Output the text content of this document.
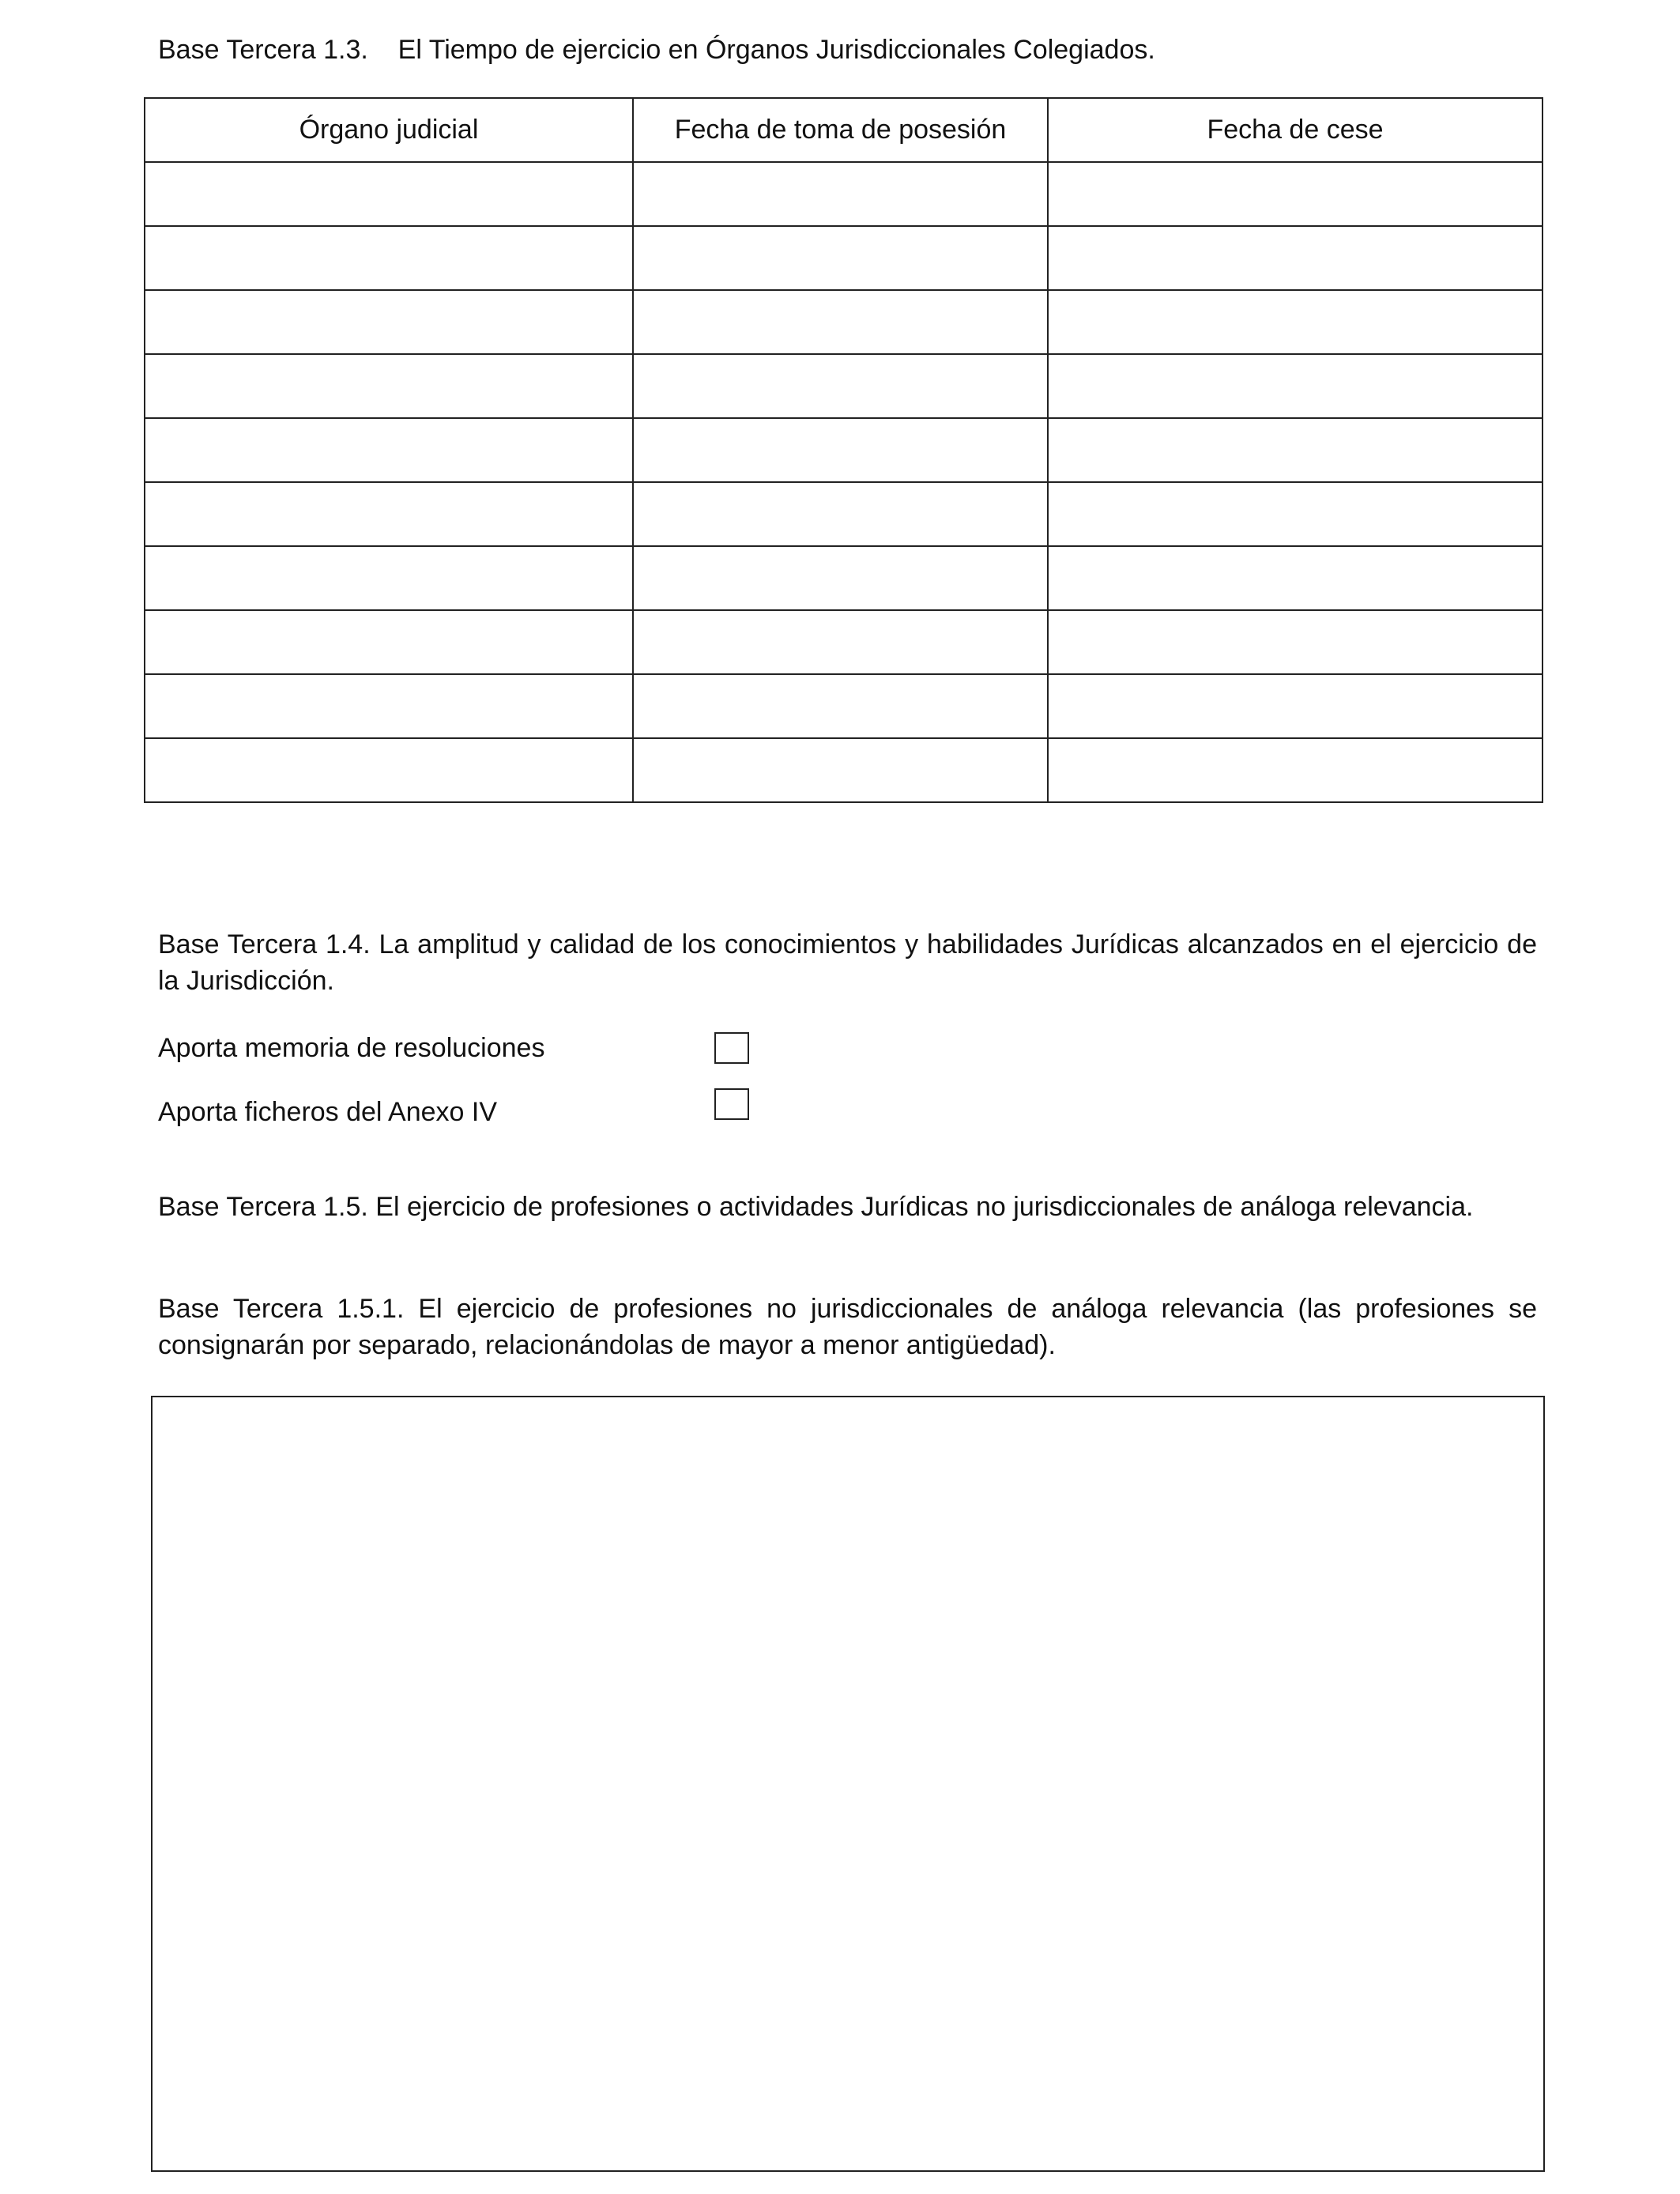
Base Tercera 1.3.    El Tiempo de ejercicio en Órganos Jurisdiccionales Colegiados.
Órgano judicial	Fecha de toma de posesión	Fecha de cese

Base Tercera 1.4. La amplitud y calidad de los conocimientos y habilidades Jurídicas alcanzados en el ejercicio de la Jurisdicción.
Aporta memoria de resoluciones
Aporta ficheros del Anexo IV
Base Tercera 1.5. El ejercicio de profesiones o actividades Jurídicas no jurisdiccionales de análoga relevancia.
Base Tercera 1.5.1. El ejercicio de profesiones no jurisdiccionales de análoga relevancia (las profesiones se consignarán por separado, relacionándolas de mayor a menor antigüedad).
